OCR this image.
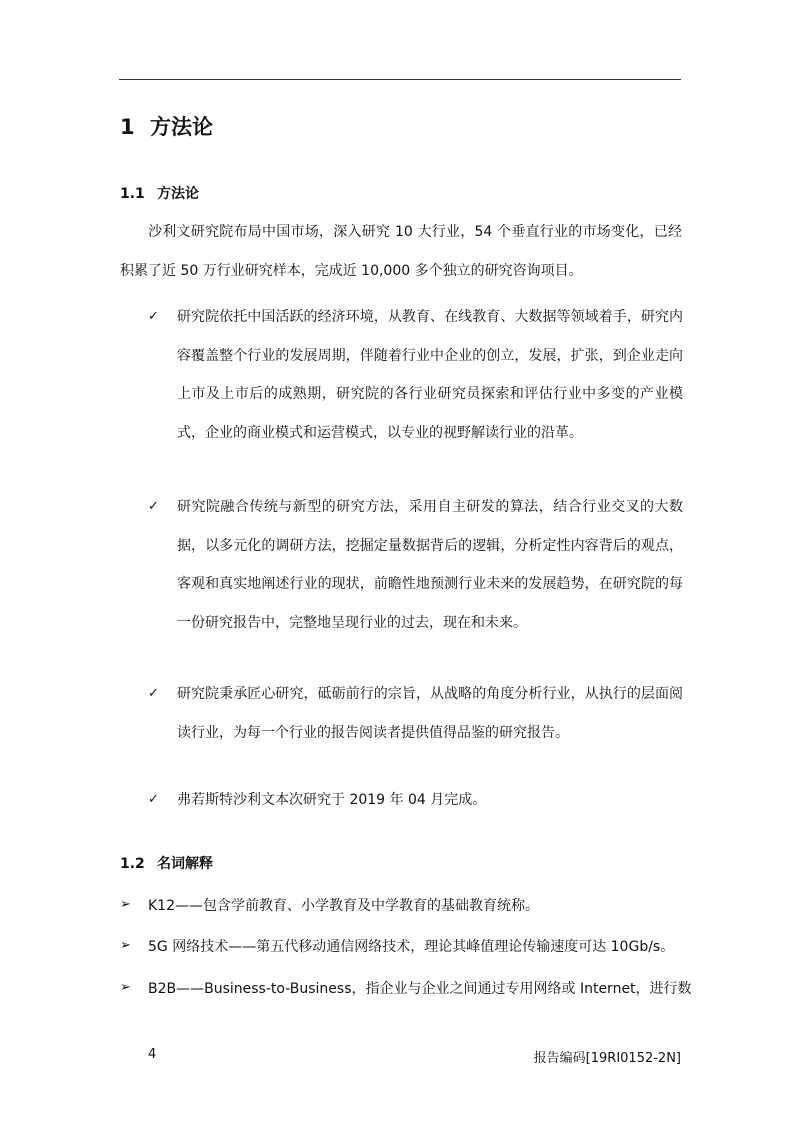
1 方法论
1.1 方法论
沙利文研究院布局中国市场，深入研究 10 大行业，54 个垂直行业的市场变化，已经积累了近 50 万行业研究样本，完成近 10,000 多个独立的研究咨询项目。
✓ 研究院依托中国活跃的经济环境，从教育、在线教育、大数据等领域着手，研究内容覆盖整个行业的发展周期，伴随着行业中企业的创立，发展，扩张，到企业走向上市及上市后的成熟期，研究院的各行业研究员探索和评估行业中多变的产业模式，企业的商业模式和运营模式，以专业的视野解读行业的沿革。
✓ 研究院融合传统与新型的研究方法，采用自主研发的算法，结合行业交叉的大数据，以多元化的调研方法，挖掘定量数据背后的逻辑，分析定性内容背后的观点，客观和真实地阐述行业的现状，前瞻性地预测行业未来的发展趋势，在研究院的每一份研究报告中，完整地呈现行业的过去，现在和未来。
✓ 研究院秉承匠心研究，砥砺前行的宗旨，从战略的角度分析行业，从执行的层面阅读行业，为每一个行业的报告阅读者提供值得品鉴的研究报告。
✓ 弗若斯特沙利文本次研究于 2019 年 04 月完成。
1.2 名词解释
➢ K12——包含学前教育、小学教育及中学教育的基础教育统称。
➢ 5G 网络技术——第五代移动通信网络技术，理论其峰值理论传输速度可达 10Gb/s。
➢ B2B——Business-to-Business，指企业与企业之间通过专用网络或 Internet，进行数
4	报告编码[19RI0152-2N]
